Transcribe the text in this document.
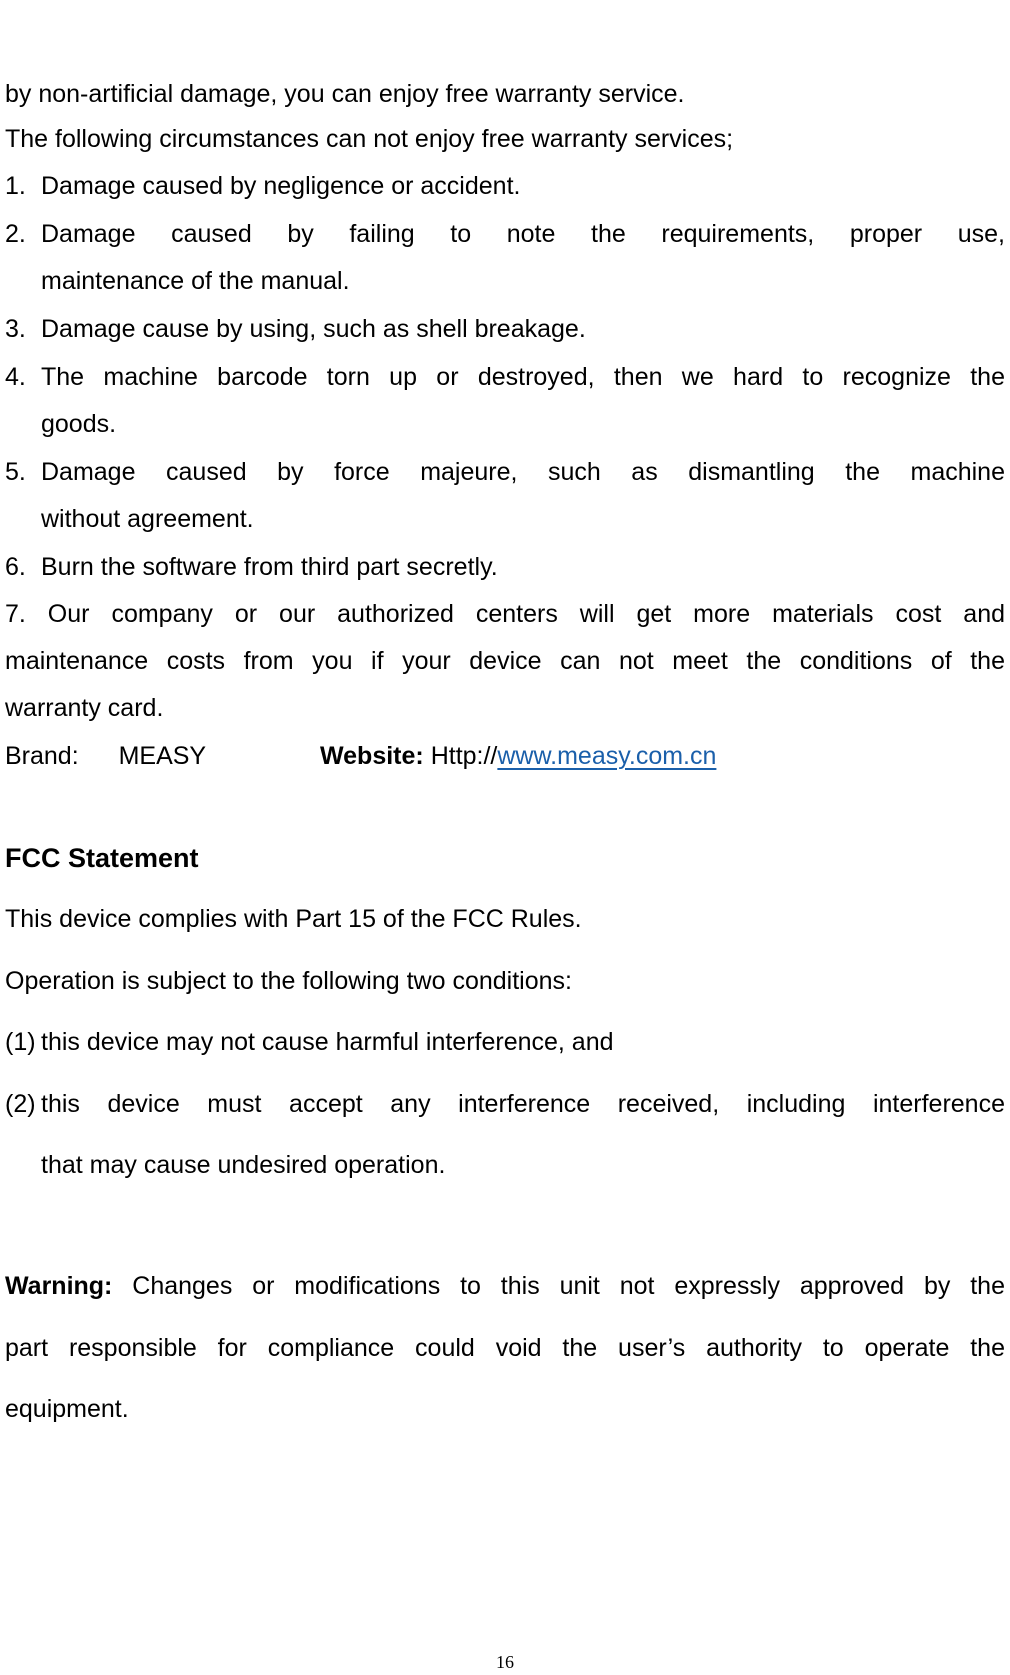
by non-artificial damage, you can enjoy free warranty service.
The following circumstances can not enjoy free warranty services;
1. Damage caused by negligence or accident.
2. Damage caused by failing to note the requirements, proper use,
maintenance of the manual.
3. Damage cause by using, such as shell breakage.
4. The machine barcode torn up or destroyed, then we hard to recognize the
goods.
5. Damage caused by force majeure, such as dismantling the machine
without agreement.
6. Burn the software from third part secretly.
7. Our company or our authorized centers will get more materials cost and
maintenance costs from you if your device can not meet the conditions of the
warranty card.
Brand: MEASY	Website: Http://www.measy.com.cn
FCC Statement
This device complies with Part 15 of the FCC Rules.
Operation is subject to the following two conditions:
(1) this device may not cause harmful interference, and
(2) this device must accept any interference received, including interference
that may cause undesired operation.
Warning: Changes or modifications to this unit not expressly approved by the
part responsible for compliance could void the user’s authority to operate the
equipment.
16
